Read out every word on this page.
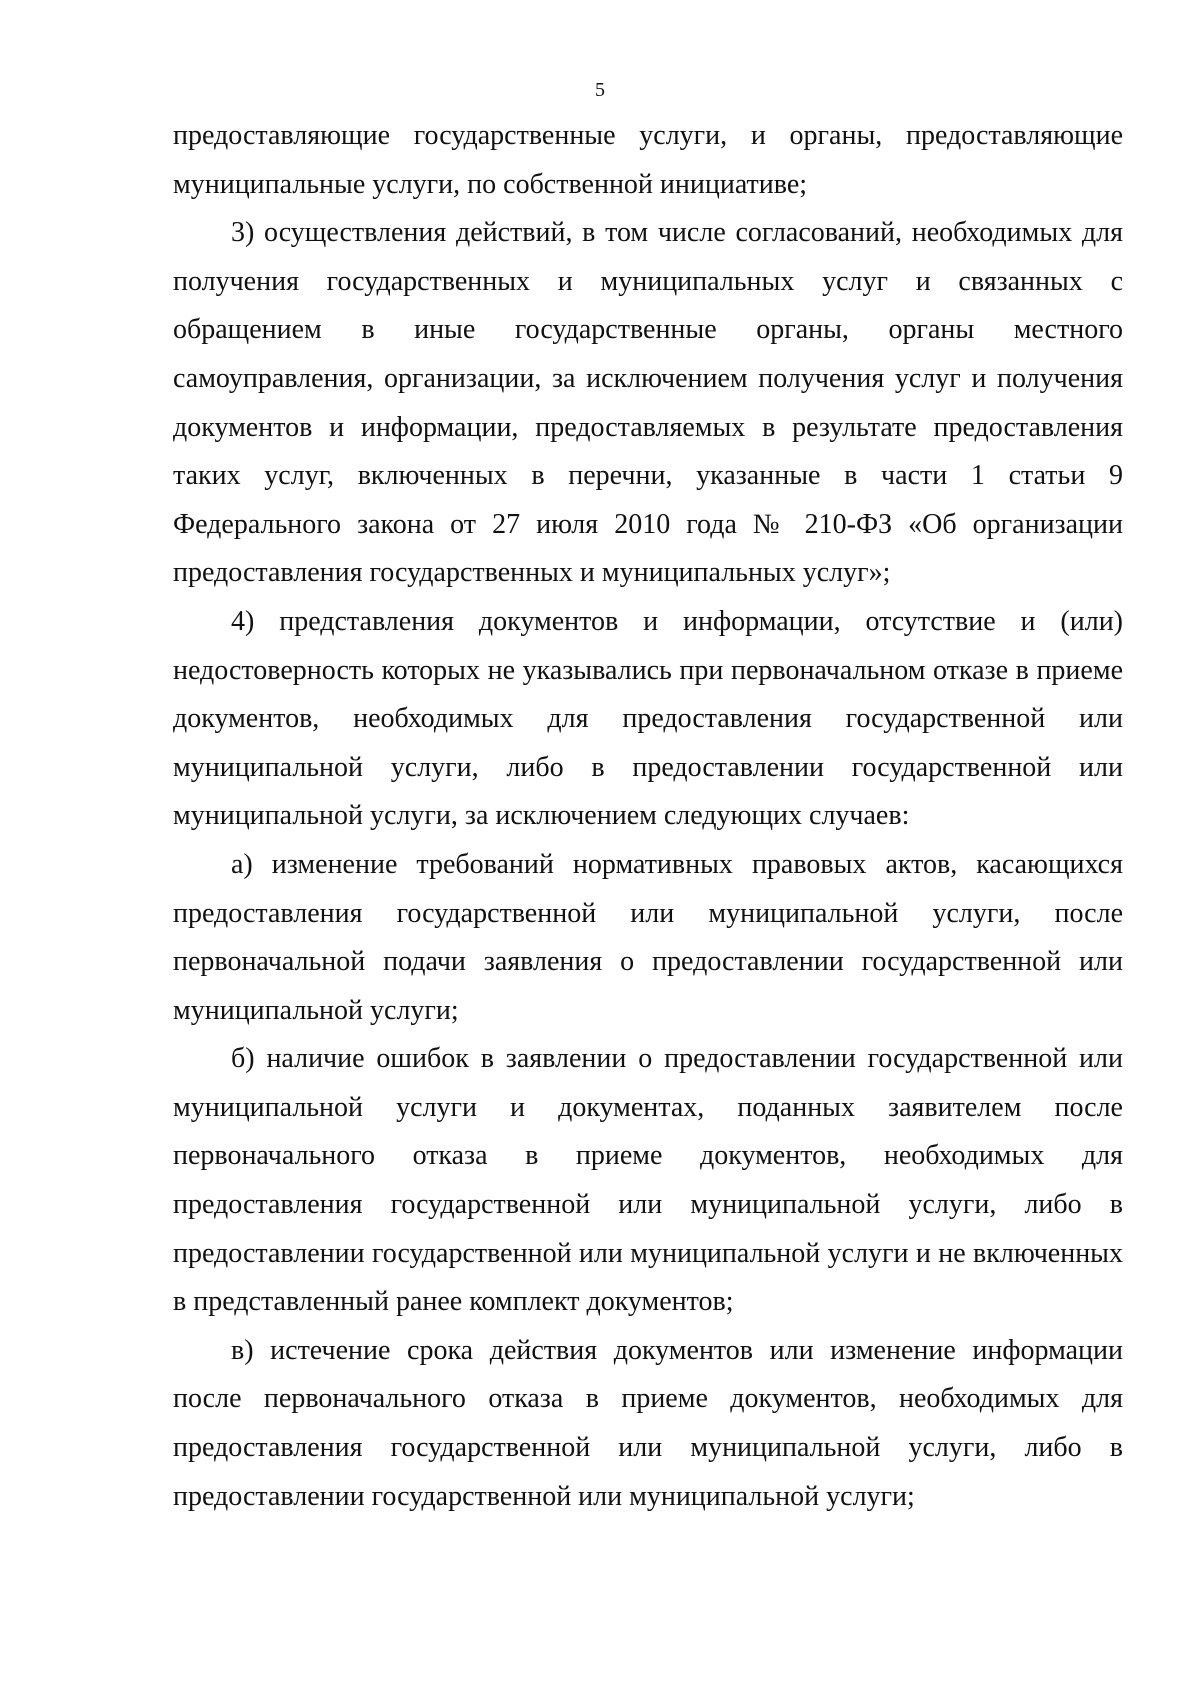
5

предоставляющие государственные услуги, и органы, предоставляющие муниципальные услуги, по собственной инициативе;

3) осуществления действий, в том числе согласований, необходимых для получения государственных и муниципальных услуг и связанных с обращением в иные государственные органы, органы местного самоуправления, организации, за исключением получения услуг и получения документов и информации, предоставляемых в результате предоставления таких услуг, включенных в перечни, указанные в части 1 статьи 9 Федерального закона от 27 июля 2010 года № 210-ФЗ «Об организации предоставления государственных и муниципальных услуг»;

4) представления документов и информации, отсутствие и (или) недостоверность которых не указывались при первоначальном отказе в приеме документов, необходимых для предоставления государственной или муниципальной услуги, либо в предоставлении государственной или муниципальной услуги, за исключением следующих случаев:

а) изменение требований нормативных правовых актов, касающихся предоставления государственной или муниципальной услуги, после первоначальной подачи заявления о предоставлении государственной или муниципальной услуги;

б) наличие ошибок в заявлении о предоставлении государственной или муниципальной услуги и документах, поданных заявителем после первоначального отказа в приеме документов, необходимых для предоставления государственной или муниципальной услуги, либо в предоставлении государственной или муниципальной услуги и не включенных в представленный ранее комплект документов;

в) истечение срока действия документов или изменение информации после первоначального отказа в приеме документов, необходимых для предоставления государственной или муниципальной услуги, либо в предоставлении государственной или муниципальной услуги;
